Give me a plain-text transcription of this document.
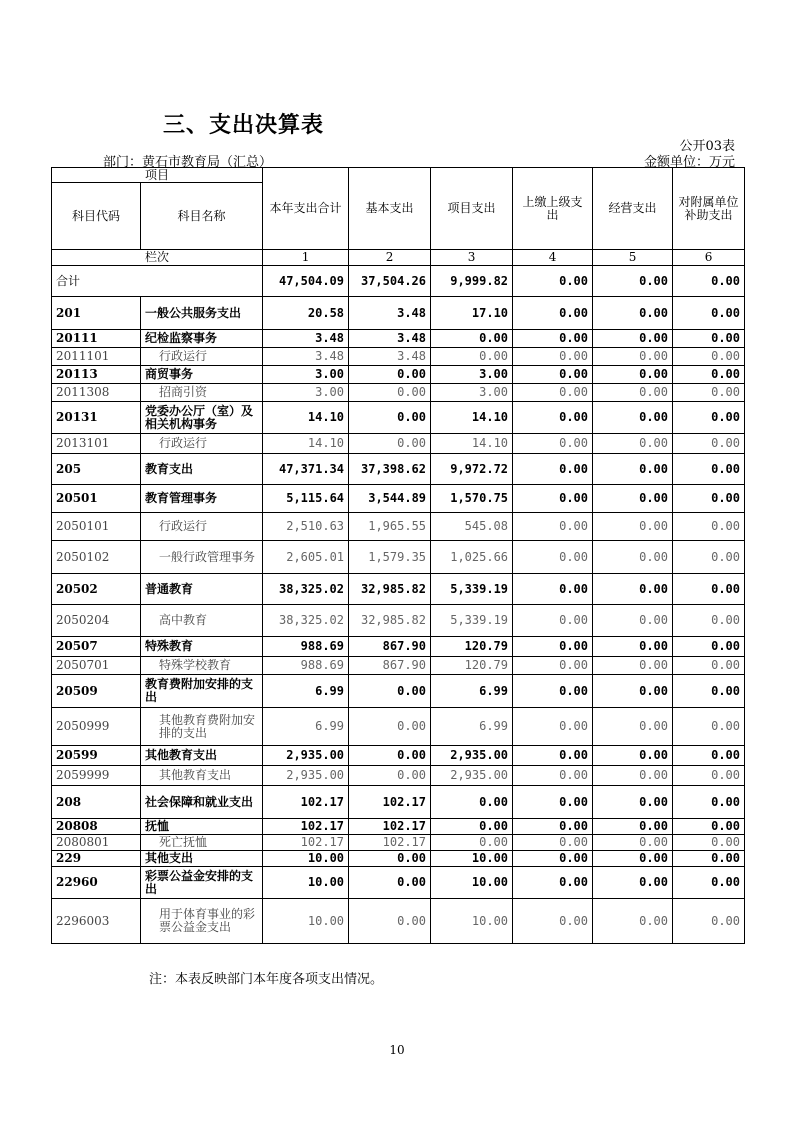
三、支出决算表
公开03表
部门：黄石市教育局（汇总）	金额单位：万元
项目		本年支出合计	基本支出	项目支出	上缴上级支出	经营支出	对附属单位补助支出
科目代码	科目名称						
栏次		1	2	3	4	5	6
合计		47,504.09	37,504.26	9,999.82	0.00	0.00	0.00
201	一般公共服务支出	20.58	3.48	17.10	0.00	0.00	0.00
20111	纪检监察事务	3.48	3.48	0.00	0.00	0.00	0.00
2011101	行政运行	3.48	3.48	0.00	0.00	0.00	0.00
20113	商贸事务	3.00	0.00	3.00	0.00	0.00	0.00
2011308	招商引资	3.00	0.00	3.00	0.00	0.00	0.00
20131	党委办公厅（室）及相关机构事务	14.10	0.00	14.10	0.00	0.00	0.00
2013101	行政运行	14.10	0.00	14.10	0.00	0.00	0.00
205	教育支出	47,371.34	37,398.62	9,972.72	0.00	0.00	0.00
20501	教育管理事务	5,115.64	3,544.89	1,570.75	0.00	0.00	0.00
2050101	行政运行	2,510.63	1,965.55	545.08	0.00	0.00	0.00
2050102	一般行政管理事务	2,605.01	1,579.35	1,025.66	0.00	0.00	0.00
20502	普通教育	38,325.02	32,985.82	5,339.19	0.00	0.00	0.00
2050204	高中教育	38,325.02	32,985.82	5,339.19	0.00	0.00	0.00
20507	特殊教育	988.69	867.90	120.79	0.00	0.00	0.00
2050701	特殊学校教育	988.69	867.90	120.79	0.00	0.00	0.00
20509	教育费附加安排的支出	6.99	0.00	6.99	0.00	0.00	0.00
2050999	其他教育费附加安排的支出	6.99	0.00	6.99	0.00	0.00	0.00
20599	其他教育支出	2,935.00	0.00	2,935.00	0.00	0.00	0.00
2059999	其他教育支出	2,935.00	0.00	2,935.00	0.00	0.00	0.00
208	社会保障和就业支出	102.17	102.17	0.00	0.00	0.00	0.00
20808	抚恤	102.17	102.17	0.00	0.00	0.00	0.00
2080801	死亡抚恤	102.17	102.17	0.00	0.00	0.00	0.00
229	其他支出	10.00	0.00	10.00	0.00	0.00	0.00
22960	彩票公益金安排的支出	10.00	0.00	10.00	0.00	0.00	0.00
2296003	用于体育事业的彩票公益金支出	10.00	0.00	10.00	0.00	0.00	0.00
注：本表反映部门本年度各项支出情况。
10
